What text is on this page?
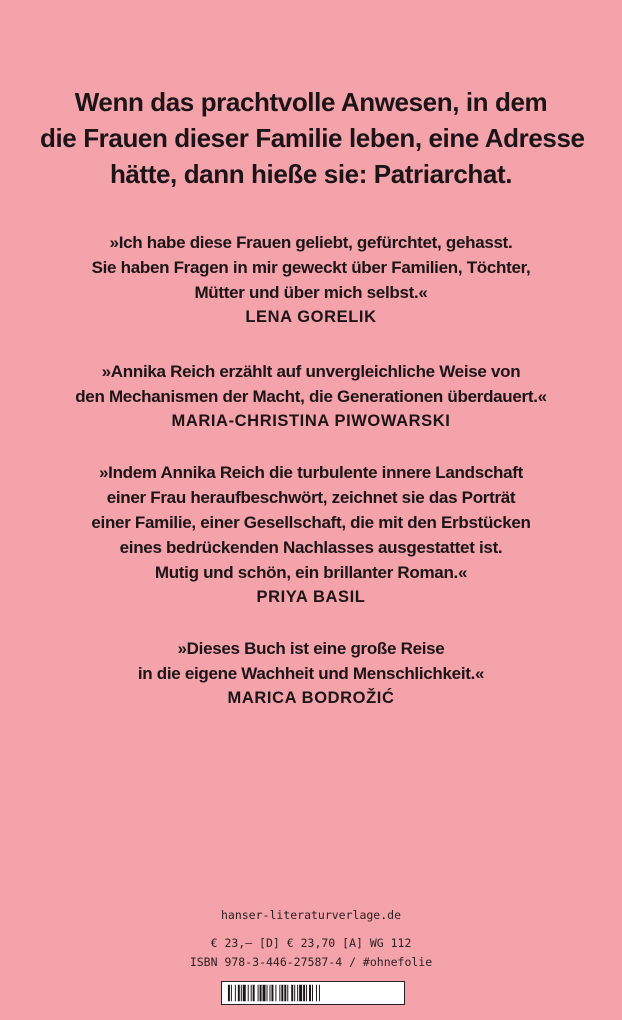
Wenn das prachtvolle Anwesen, in dem
die Frauen dieser Familie leben, eine Adresse
hätte, dann hieße sie: Patriarchat.
»Ich habe diese Frauen geliebt, gefürchtet, gehasst.
Sie haben Fragen in mir geweckt über Familien, Töchter,
Mütter und über mich selbst.«
LENA GORELIK
»Annika Reich erzählt auf unvergleichliche Weise von
den Mechanismen der Macht, die Generationen überdauert.«
MARIA-CHRISTINA PIWOWARSKI
»Indem Annika Reich die turbulente innere Landschaft
einer Frau heraufbeschwört, zeichnet sie das Porträt
einer Familie, einer Gesellschaft, die mit den Erbstücken
eines bedrückenden Nachlasses ausgestattet ist.
Mutig und schön, ein brillanter Roman.«
PRIYA BASIL
»Dieses Buch ist eine große Reise
in die eigene Wachheit und Menschlichkeit.«
MARICA BODROŽIĆ
hanser-literaturverlage.de
€ 23,– [D] € 23,70 [A] WG 112
ISBN 978-3-446-27587-4 / #ohnefolie
